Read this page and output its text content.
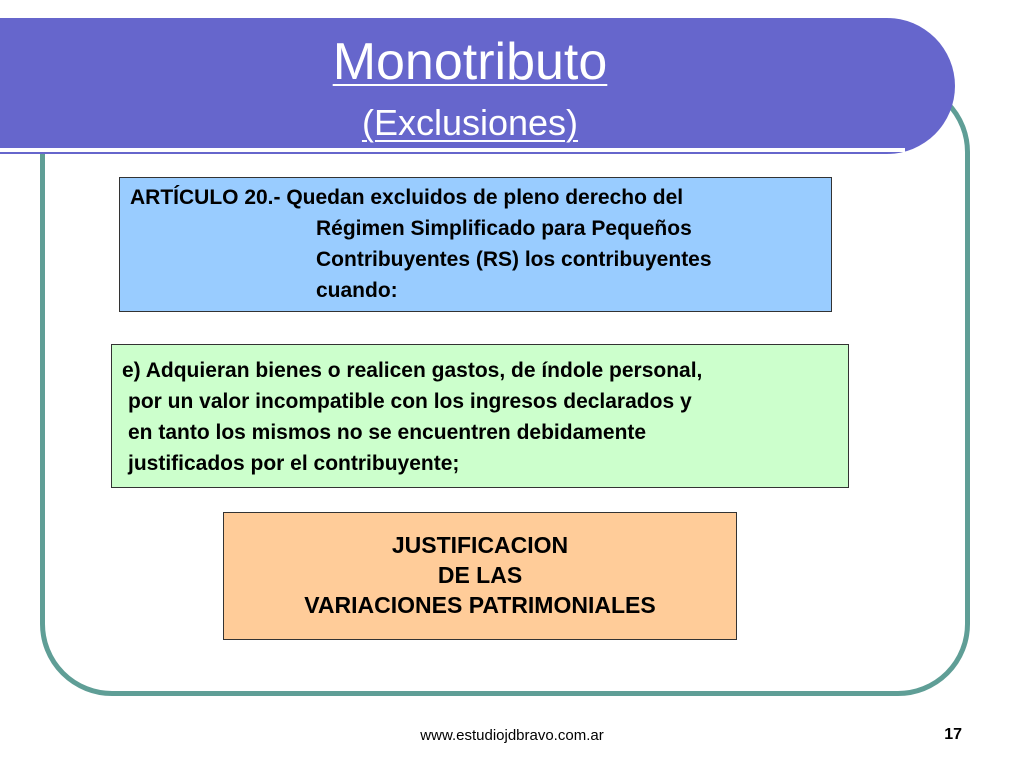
Monotributo
(Exclusiones)
ARTÍCULO 20.- Quedan excluidos de pleno derecho del
Régimen Simplificado para Pequeños
Contribuyentes (RS) los contribuyentes
cuando:
e) Adquieran bienes o realicen gastos, de índole personal,
por un valor incompatible con los ingresos declarados y
en tanto los mismos no se encuentren debidamente
justificados por el contribuyente;
JUSTIFICACION
DE LAS
VARIACIONES PATRIMONIALES
www.estudiojdbravo.com.ar	17
